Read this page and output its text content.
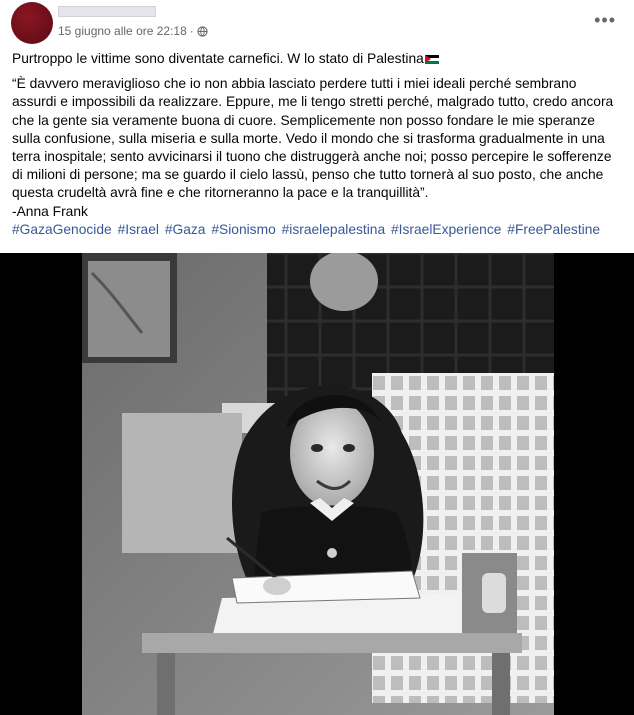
15 giugno alle ore 22:18 ·
•••

Purtroppo le vittime sono diventate carnefici. W lo stato di Palestina

“È davvero meraviglioso che io non abbia lasciato perdere tutti i miei ideali perché sembrano assurdi e impossibili da realizzare. Eppure, me li tengo stretti perché, malgrado tutto, credo ancora che la gente sia veramente buona di cuore. Semplicemente non posso fondare le mie speranze sulla confusione, sulla miseria e sulla morte. Vedo il mondo che si trasforma gradualmente in una terra inospitale; sento avvicinarsi il tuono che distruggerà anche noi; posso percepire le sofferenze di milioni di persone; ma se guardo il cielo lassù, penso che tutto tornerà al suo posto, che anche questa crudeltà avrà fine e che ritorneranno la pace e la tranquillità”.

-Anna Frank

#GazaGenocide #Israel #Gaza #Sionismo #israelepalestina #IsraelExperience #FreePalestine
